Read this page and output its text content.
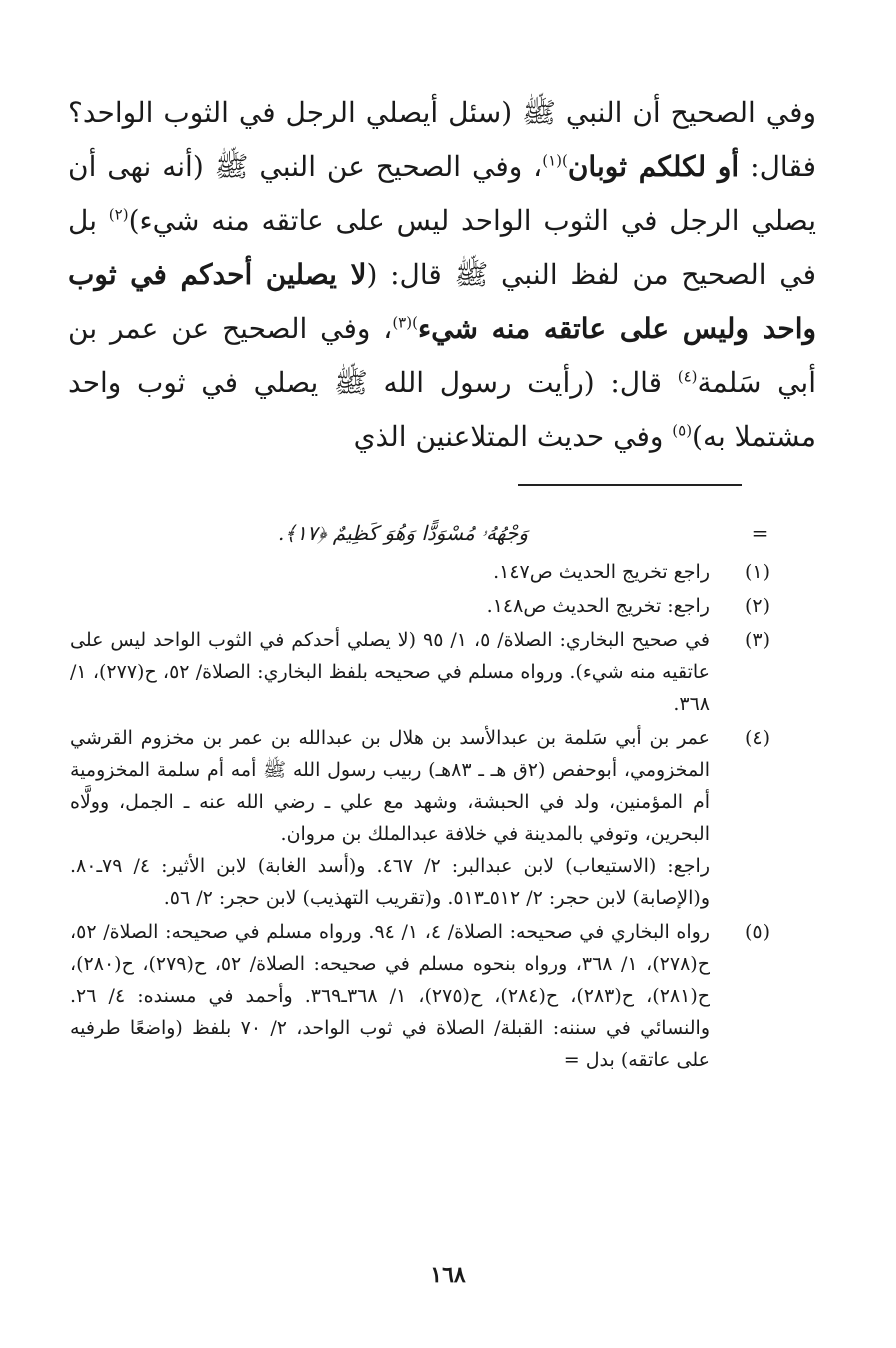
وفي الصحيح أن النبي ﷺ (سئل أيصلي الرجل في الثوب الواحد؟ فقال: أو لكلكم ثوبان$^{)(١)}$، وفي الصحيح عن النبي ﷺ (أنه نهى أن يصلي الرجل في الثوب الواحد ليس على عاتقه منه شيء)$^{(٢)}$ بل في الصحيح من لفظ النبي ﷺ قال: (لا يصلين أحدكم في ثوب واحد وليس على عاتقه منه شيء$^{)(٣)}$، وفي الصحيح عن عمر بن أبي سَلمة$^{(٤)}$ قال: (رأيت رسول الله ﷺ يصلي في ثوب واحد مشتملا به)$^{(٥)}$ وفي حديث المتلاعنين الذي

=
وَجْهُهُۥ مُسْوَدًّا وَهُوَ كَظِيمٌ ﴿١٧﴾.
(١)

راجع تخريج الحديث ص١٤٧.

(٢)

راجع: تخريج الحديث ص١٤٨.

(٣)

في صحيح البخاري: الصلاة/ ٥، ١/ ٩٥ (لا يصلي أحدكم في الثوب الواحد ليس على عاتقيه منه شيء). ورواه مسلم في صحيحه بلفظ البخاري: الصلاة/ ٥٢، ح(٢٧٧)، ١/ ٣٦٨.

(٤)

عمر بن أبي سَلمة بن عبدالأسد بن هلال بن عبدالله بن عمر بن مخزوم القرشي المخزومي، أبوحفص (٢ق هـ ـ ٨٣هـ) ربيب رسول الله ﷺ أمه أم سلمة المخزومية أم المؤمنين، ولد في الحبشة، وشهد مع علي ـ رضي الله عنه ـ الجمل، وولَّاه البحرين، وتوفي بالمدينة في خلافة عبدالملك بن مروان.

راجع: (الاستيعاب) لابن عبدالبر: ٢/ ٤٦٧. و(أسد الغابة) لابن الأثير: ٤/ ٧٩ـ٨٠. و(الإصابة) لابن حجر: ٢/ ٥١٢ـ٥١٣. و(تقريب التهذيب) لابن حجر: ٢/ ٥٦.

(٥)

رواه البخاري في صحيحه: الصلاة/ ٤، ١/ ٩٤. ورواه مسلم في صحيحه: الصلاة/ ٥٢، ح(٢٧٨)، ١/ ٣٦٨، ورواه بنحوه مسلم في صحيحه: الصلاة/ ٥٢، ح(٢٧٩)، ح(٢٨٠)، ح(٢٨١)، ح(٢٨٣)، ح(٢٨٤)، ح(٢٧٥)، ١/ ٣٦٨ـ٣٦٩. وأحمد في مسنده: ٤/ ٢٦. والنسائي في سننه: القبلة/ الصلاة في ثوب الواحد، ٢/ ٧٠ بلفظ (واضعًا طرفيه على عاتقه) بدل =

١٦٨
